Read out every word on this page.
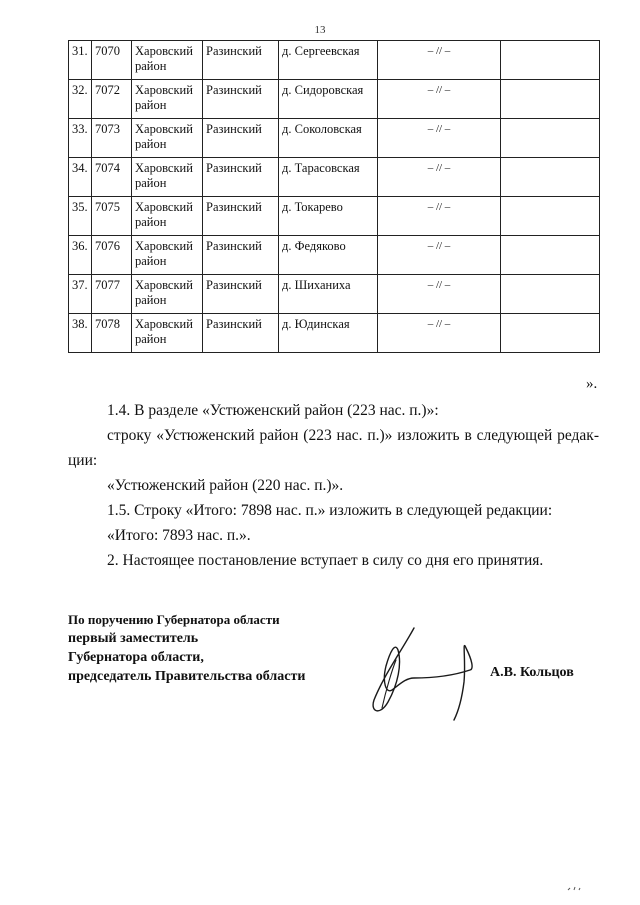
13
31.	7070	Харовский район	Разинский	д. Сергеевская	– // –	
32.	7072	Харовский район	Разинский	д. Сидоровская	– // –	
33.	7073	Харовский район	Разинский	д. Соколовская	– // –	
34.	7074	Харовский район	Разинский	д. Тарасовская	– // –	
35.	7075	Харовский район	Разинский	д. Токарево	– // –	
36.	7076	Харовский район	Разинский	д. Федяково	– // –	
37.	7077	Харовский район	Разинский	д. Шиханиха	– // –	
38.	7078	Харовский район	Разинский	д. Юдинская	– // –	
».

1.4. В разделе «Устюженский район (223 нас. п.)»:

строку «Устюженский район (223 нас. п.)» изложить в следующей редак-

ции:

«Устюженский район (220 нас. п.)».

1.5. Строку «Итого: 7898 нас. п.» изложить в следующей редакции:

«Итого: 7893 нас. п.».

2. Настоящее постановление вступает в силу со дня его принятия.

По поручению Губернатора области
первый заместитель
Губернатора области,
председатель Правительства области	А.В. Кольцов
